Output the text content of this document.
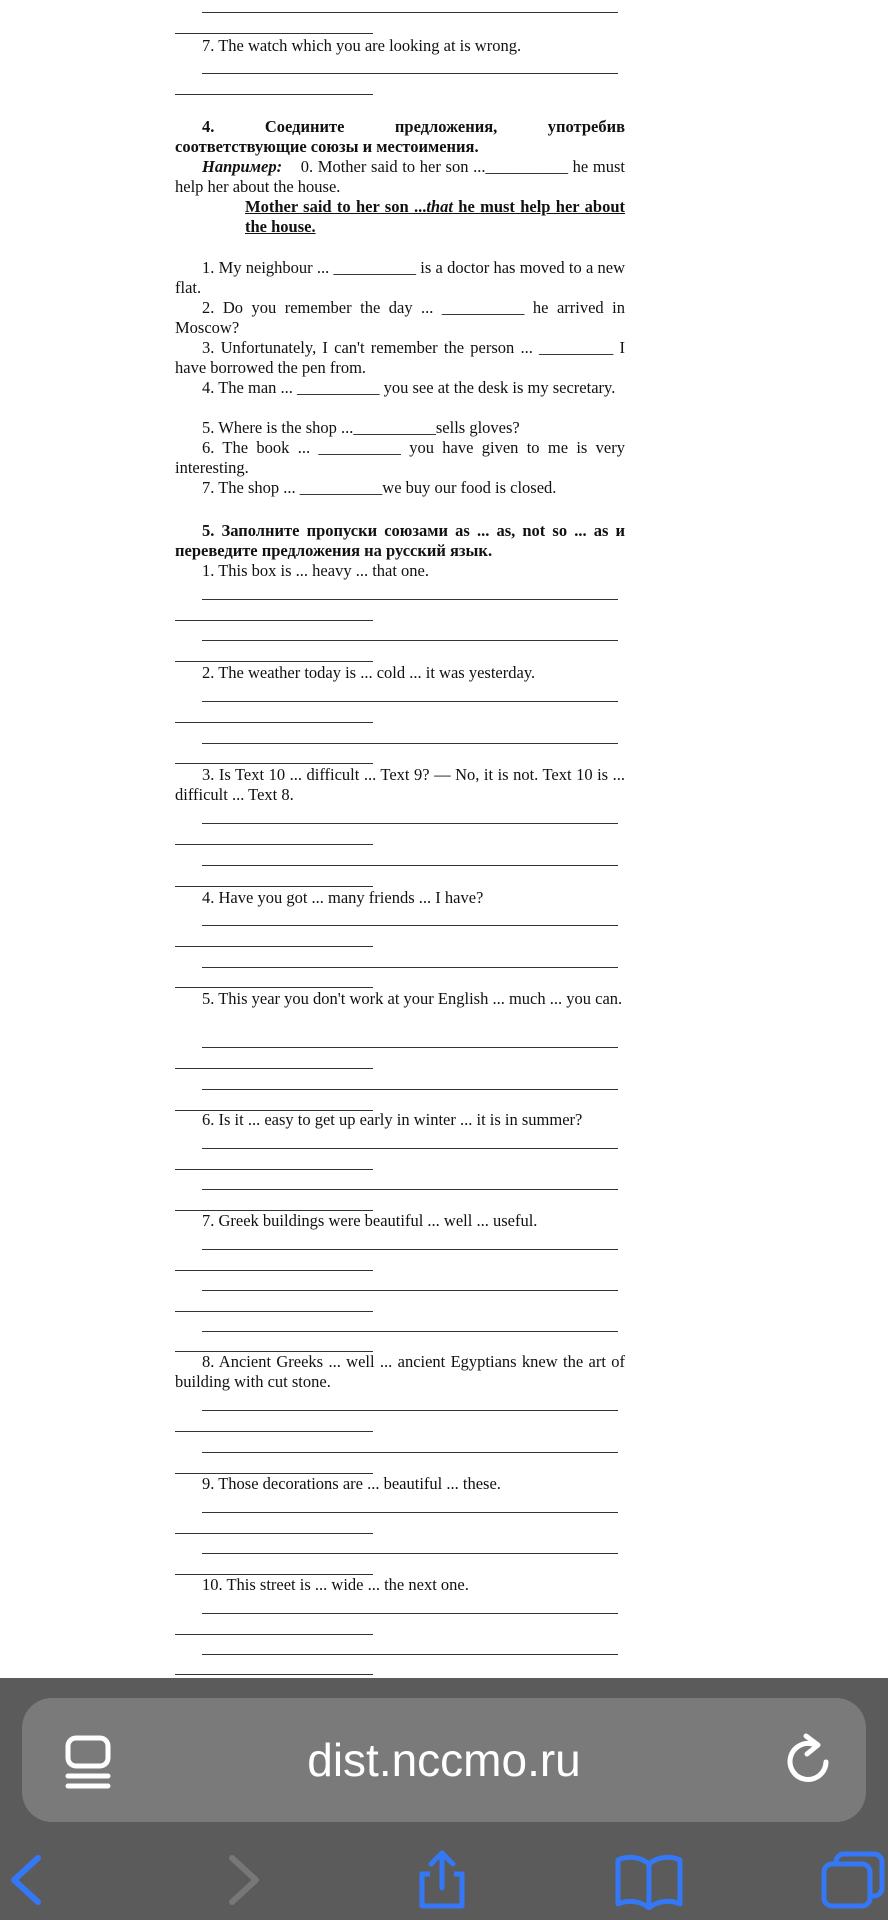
7. The watch which you are looking at is wrong.

4.	Соедините	предложения,	употребив

соответствующие союзы и местоимения.

Например: 0. Mother said to her son ...__________ he must help her about the house.

Mother said to her son ...that he must help her about the house.

1. My neighbour ... __________ is a doctor has moved to a new flat.

2. Do you remember the day ... __________ he arrived in Moscow?

3. Unfortunately, I can't remember the person ... _________ I have borrowed the pen from.

4. The man ... __________ you see at the desk is my secretary.

5. Where is the shop ...__________sells gloves?

6. The book ... __________ you have given to me is very interesting.

7. The shop ... __________we buy our food is closed.

5. Заполните пропуски союзами as ... as, not so ... as и переведите предложения на русский язык.

1. This box is ... heavy ... that one.

2. The weather today is ... cold ... it was yesterday.

3. Is Text 10 ... difficult ... Text 9? — No, it is not. Text 10 is ... difficult ... Text 8.

4. Have you got ... many friends ... I have?

5. This year you don't work at your English ... much ... you can.

6. Is it ... easy to get up early in winter ... it is in summer?

7. Greek buildings were beautiful ... well ... useful.

8. Ancient Greeks ... well ... ancient Egyptians knew the art of building with cut stone.

9. Those decorations are ... beautiful ... these.

10. This street is ... wide ... the next one.

dist.nccmo.ru
